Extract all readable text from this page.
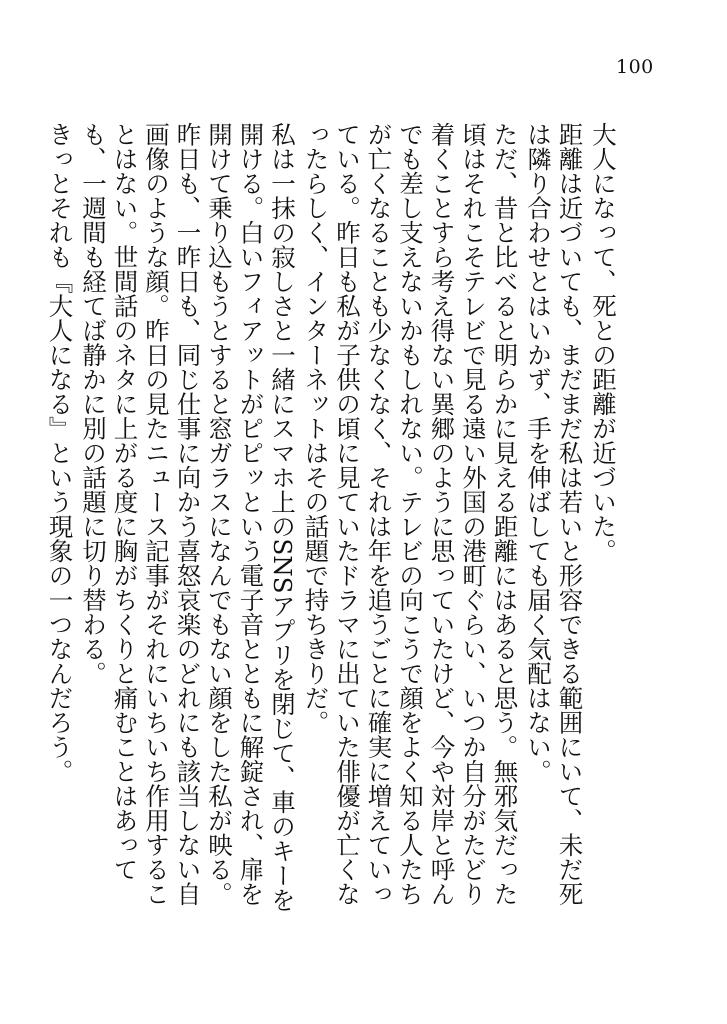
100

大人になって、死との距離が近づいた。

距離は近づいても、まだまだ私は若いと形容できる範囲にいて、未だ死は隣り合わせとはいかず、手を伸ばしても届く気配はない。

ただ、昔と比べると明らかに見える距離にはあると思う。無邪気だった頃はそれこそテレビで見る遠い外国の港町ぐらい、いつか自分がたどり着くことすら考え得ない異郷のように思っていたけど、今や対岸と呼んでも差し支えないかもしれない。テレビの向こうで顔をよく知る人たちが亡くなることも少なくなく、それは年を追うごとに確実に増えていっている。昨日も私が子供の頃に見ていたドラマに出ていた俳優が亡くなったらしく、インターネットはその話題で持ちきりだ。

私は一抹の寂しさと一緒にスマホ上のSNSアプリを閉じて、車のキーを開ける。白いフィアットがピピッという電子音とともに解錠され、扉を開けて乗り込もうとすると窓ガラスになんでもない顔をした私が映る。昨日も、一昨日も、同じ仕事に向かう喜怒哀楽のどれにも該当しない自画像のような顔。昨日の見たニュース記事がそれにいちいち作用することはない。世間話のネタに上がる度に胸がちくりと痛むことはあっても、一週間も経てば静かに別の話題に切り替わる。

きっとそれも『大人になる』という現象の一つなんだろう。
